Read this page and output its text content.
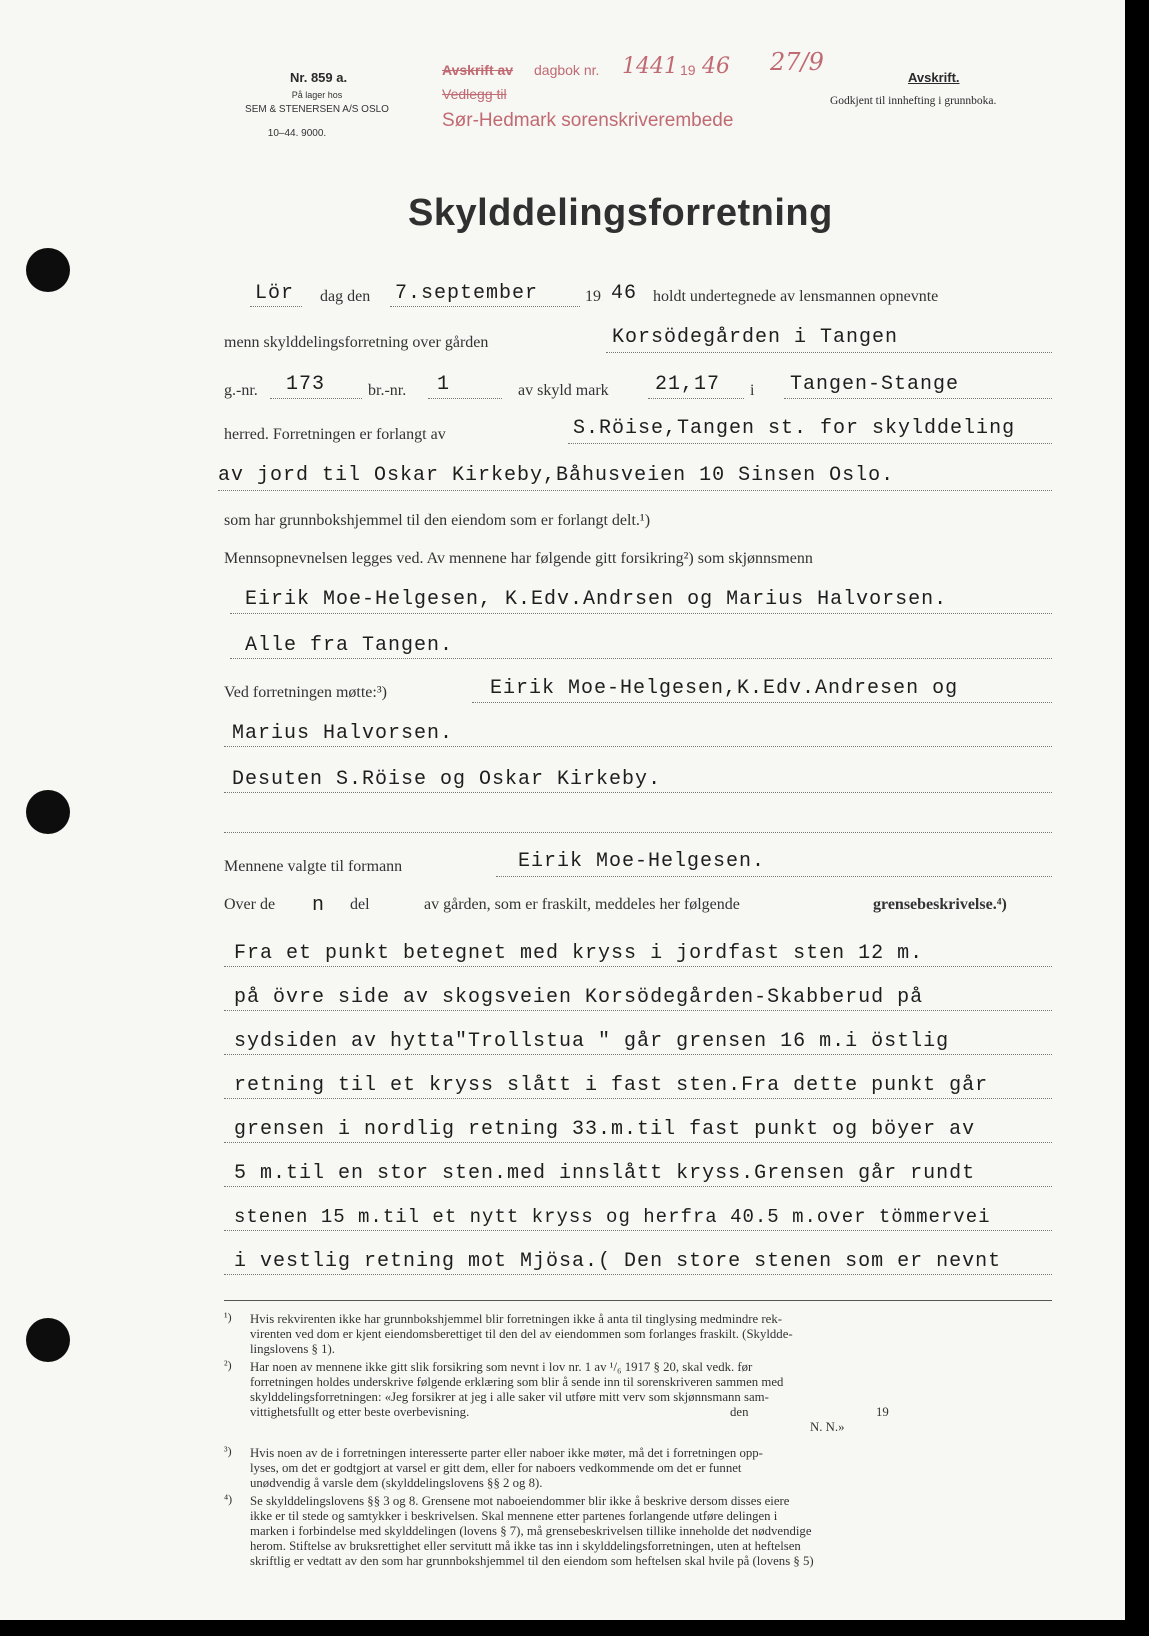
Nr. 859 a.
På lager hos
SEM & STENERSEN A/S OSLO
10–44. 9000.
Avskrift av dagbok nr. 1441 19 46 27/9
Vedlegg til
Sør-Hedmark sorenskriverembede
Avskrift.
Godkjent til innhefting i grunnboka.
Skylddelingsforretning
Lör dag den 7.september	19 46 holdt undertegnede av lensmannen opnevnte
menn skylddelingsforretning over gården	Korsödegården i Tangen
g.-nr. 173	br.-nr. 1	av skyld mark 21,17 i Tangen-Stange
herred. Forretningen er forlangt av	S.Röise,Tangen st. for skylddeling
av jord til Oskar Kirkeby,Båhusveien 10 Sinsen Oslo.
som har grunnbokshjemmel til den eiendom som er forlangt delt.¹)
Mennsopnevnelsen legges ved. Av mennene har følgende gitt forsikring²) som skjønnsmenn
Eirik Moe-Helgesen, K.Edv.Andrsen og Marius Halvorsen.
Alle fra Tangen.
Ved forretningen møtte:³)	Eirik Moe-Helgesen,K.Edv.Andresen og
Marius Halvorsen.
Desuten S.Röise og Oskar Kirkeby.
Mennene valgte til formann	Eirik Moe-Helgesen.
Over de n del	av gården, som er fraskilt, meddeles her følgende	grensebeskrivelse.⁴)
Fra et punkt betegnet med kryss i jordfast sten 12 m.
på övre side av skogsveien Korsödegården-Skabberud på
sydsiden av hytta"Trollstua " går grensen 16 m.i östlig
retning til et kryss slått i fast sten.Fra dette punkt går
grensen i nordlig retning 33.m.til fast punkt og böyer av
5 m.til en stor sten.med innslått kryss.Grensen går rundt
stenen 15 m.til et nytt kryss og herfra 40.5 m.over tömmervei
i vestlig retning mot Mjösa.( Den store stenen som er nevnt
¹) Hvis rekvirenten ikke har grunnbokshjemmel blir forretningen ikke å anta til tinglysing medmindre rek-
virenten ved dom er kjent eiendomsberettiget til den del av eiendommen som forlanges fraskilt. (Skyldde-
lingslovens § 1).
²) Har noen av mennene ikke gitt slik forsikring som nevnt i lov nr. 1 av ¹/₆ 1917 § 20, skal vedk. før
forretningen holdes underskrive følgende erklæring som blir å sende inn til sorenskriveren sammen med
skylddelingsforretningen: «Jeg forsikrer at jeg i alle saker vil utføre mitt verv som skjønnsmann sam-
vittighetsfullt og etter beste overbevisning.	den	19
N. N.»
³) Hvis noen av de i forretningen interesserte parter eller naboer ikke møter, må det i forretningen opp-
lyses, om det er godtgjort at varsel er gitt dem, eller for naboers vedkommende om det er funnet
unødvendig å varsle dem (skylddelingslovens §§ 2 og 8).
⁴) Se skylddelingslovens §§ 3 og 8. Grensene mot naboeiendommer blir ikke å beskrive dersom disses eiere
ikke er til stede og samtykker i beskrivelsen. Skal mennene etter partenes forlangende utføre delingen i
marken i forbindelse med skylddelingen (lovens § 7), må grensebeskrivelsen tillike inneholde det nødvendige
herom. Stiftelse av bruksrettighet eller servitutt må ikke tas inn i skylddelingsforretningen, uten at heftelsen
skriftlig er vedtatt av den som har grunnbokshjemmel til den eiendom som heftelsen skal hvile på (lovens § 5)
